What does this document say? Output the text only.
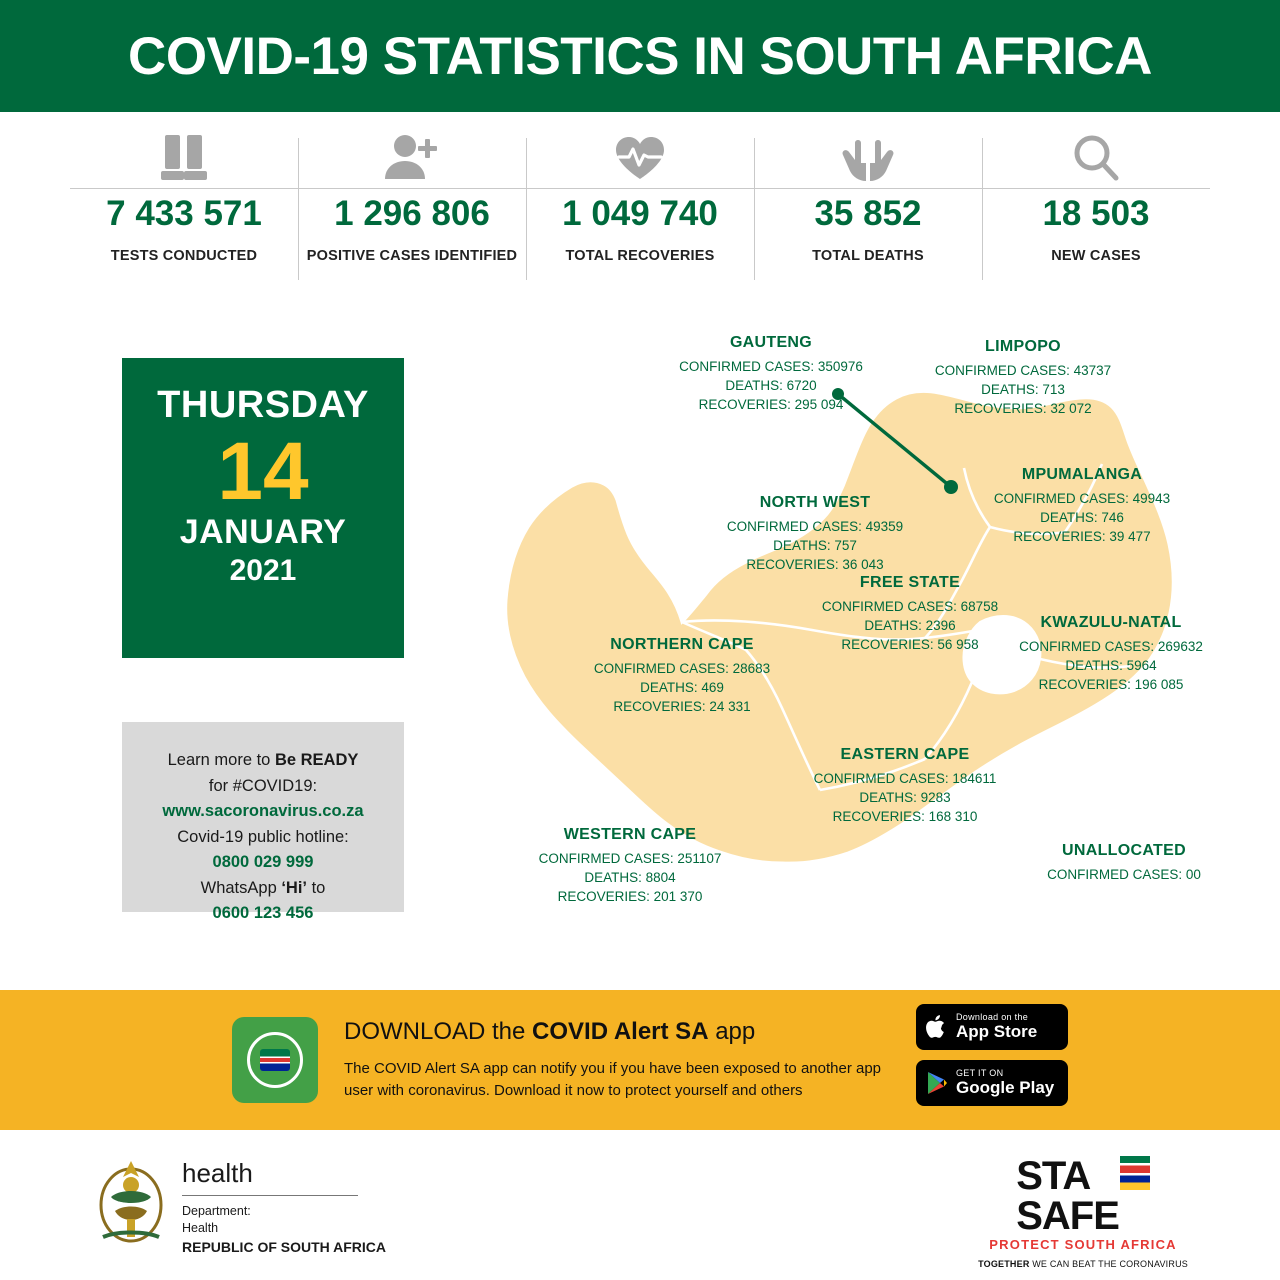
COVID-19 STATISTICS IN SOUTH AFRICA
7 433 571
TESTS CONDUCTED
1 296 806
POSITIVE CASES IDENTIFIED
1 049 740
TOTAL RECOVERIES
35 852
TOTAL DEATHS
18 503
NEW CASES
THURSDAY
14
JANUARY
2021
Learn more to Be READY
for #COVID19:
www.sacoronavirus.co.za
Covid-19 public hotline:
0800 029 999
WhatsApp ‘Hi’ to
0600 123 456
GAUTENG
CONFIRMED CASES: 350976
DEATHS: 6720
RECOVERIES: 295 094
LIMPOPO
CONFIRMED CASES: 43737
DEATHS: 713
RECOVERIES: 32 072
MPUMALANGA
CONFIRMED CASES: 49943
DEATHS: 746
RECOVERIES: 39 477
NORTH WEST
CONFIRMED CASES: 49359
DEATHS: 757
RECOVERIES: 36 043
FREE STATE
CONFIRMED CASES: 68758
DEATHS: 2396
RECOVERIES: 56 958
KWAZULU-NATAL
CONFIRMED CASES: 269632
DEATHS: 5964
RECOVERIES: 196 085
NORTHERN CAPE
CONFIRMED CASES: 28683
DEATHS: 469
RECOVERIES: 24 331
EASTERN CAPE
CONFIRMED CASES: 184611
DEATHS: 9283
RECOVERIES: 168 310
WESTERN CAPE
CONFIRMED CASES: 251107
DEATHS: 8804
RECOVERIES: 201 370
UNALLOCATED
CONFIRMED CASES: 00
DOWNLOAD the COVID Alert SA app
The COVID Alert SA app can notify you if you have been exposed to another app user with coronavirus. Download it now to protect yourself and others
Download on the
App Store
GET IT ON
Google Play
health
Department:
Health
REPUBLIC OF SOUTH AFRICA
STA
SAFE
PROTECT SOUTH AFRICA
TOGETHER WE CAN BEAT THE CORONAVIRUS
